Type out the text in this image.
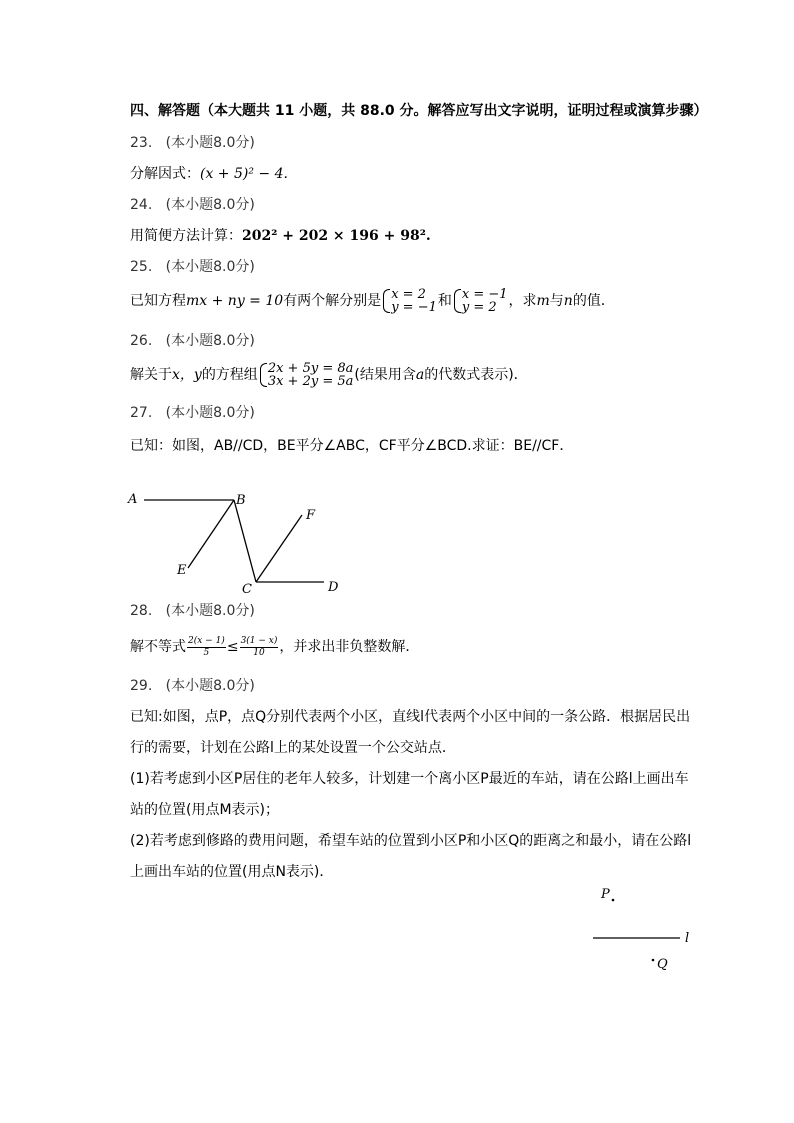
四、解答题（本大题共 11 小题，共 88.0 分。解答应写出文字说明，证明过程或演算步骤）
23. (本小题8.0分)
分解因式：(x + 5)² − 4.
24. (本小题8.0分)
用简便方法计算：202² + 202 × 196 + 98².
25. (本小题8.0分)
已知方程mx + ny = 10有两个解分别是 x = 2
y = −1 和 x = −1
y = 2 ，求m与n的值．
26. (本小题8.0分)
解关于x，y的方程组 2x + 5y = 8a
3x + 2y = 5a (结果用含a的代数式表示)．
27. (本小题8.0分)
已知：如图，AB//CD，BE平分∠ABC，CF平分∠BCD.求证：BE//CF．
A	B
C	D
E
F
28. (本小题8.0分)
解不等式 $\frac{2(x - 1)}{5} \le \frac{3(1 - x)}{10}$ ，并求出非负整数解．
29. (本小题8.0分)
已知:如图，点P，点Q分别代表两个小区，直线l代表两个小区中间的一条公路．根据居民出
行的需要，计划在公路l上的某处设置一个公交站点．
(1)若考虑到小区P居住的老年人较多，计划建一个离小区P最近的车站，请在公路l上画出车
站的位置(用点M表示)；
(2)若考虑到修路的费用问题，希望车站的位置到小区P和小区Q的距离之和最小，请在公路l
上画出车站的位置(用点N表示)．
P
l
Q
